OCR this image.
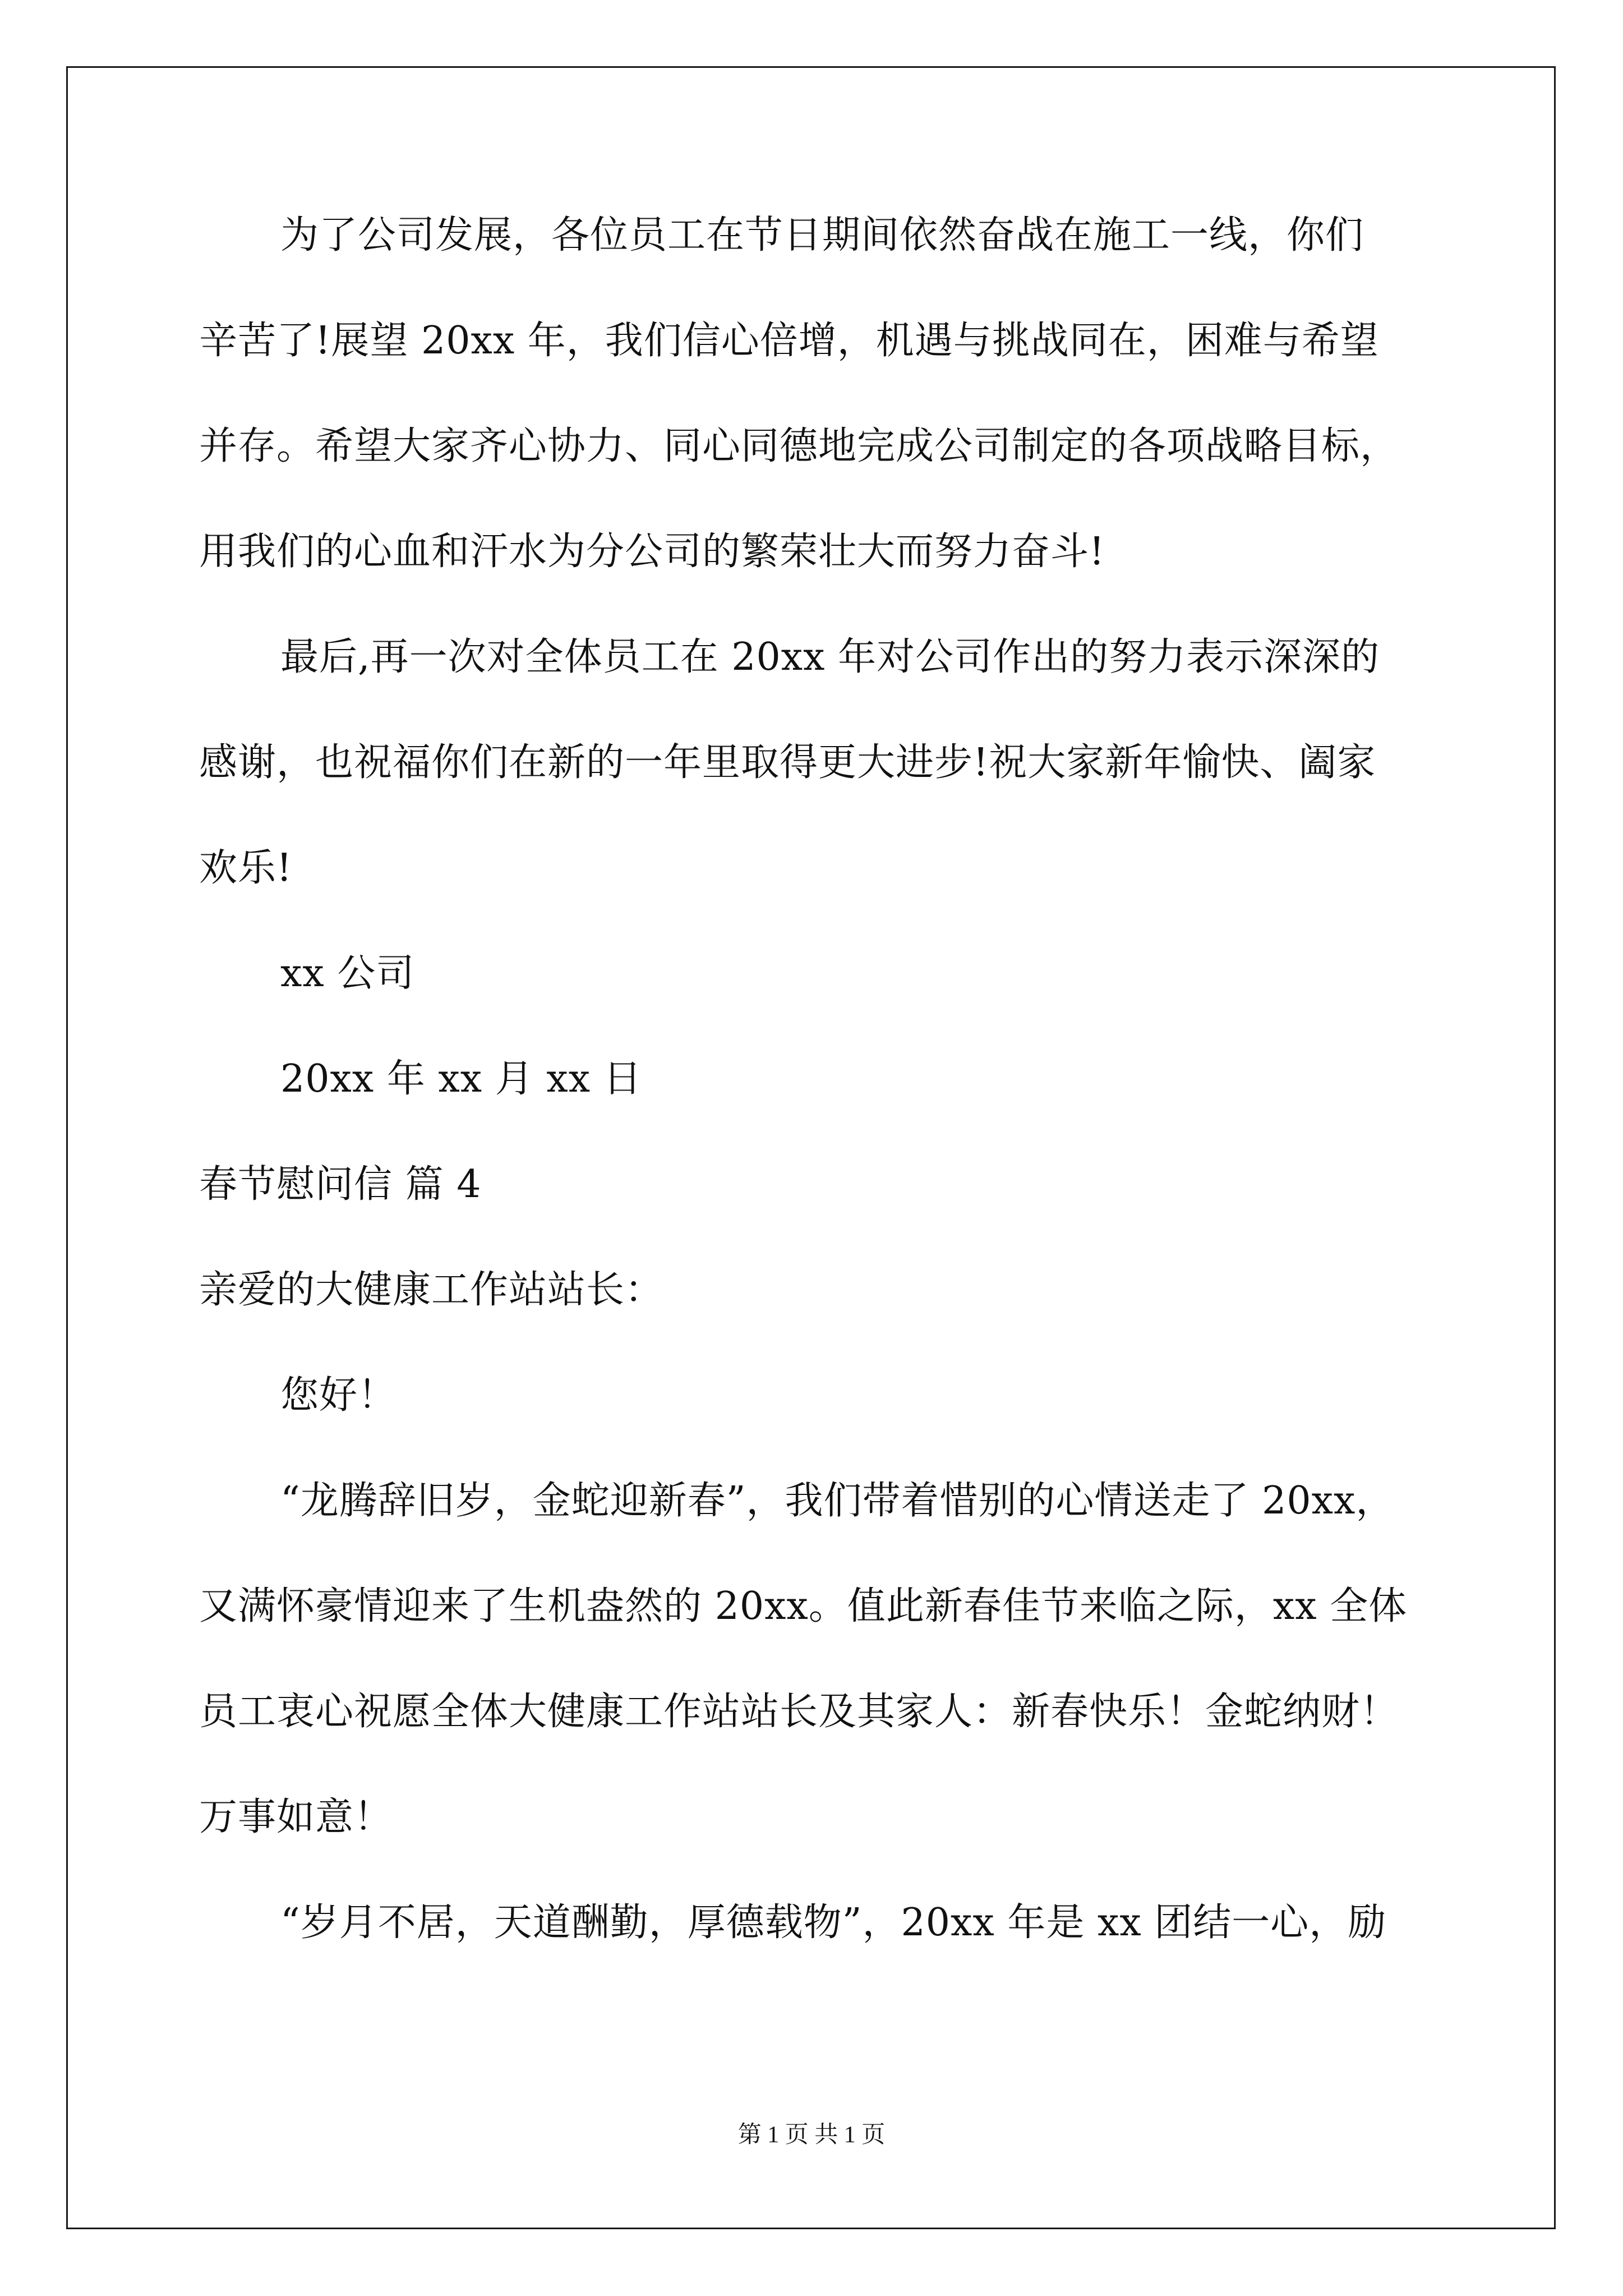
为了公司发展，各位员工在节日期间依然奋战在施工一线，你们
辛苦了!展望 20xx 年，我们信心倍增，机遇与挑战同在，困难与希望
并存。希望大家齐心协力、同心同德地完成公司制定的各项战略目标，
用我们的心血和汗水为分公司的繁荣壮大而努力奋斗!
最后,再一次对全体员工在 20xx 年对公司作出的努力表示深深的
感谢，也祝福你们在新的一年里取得更大进步!祝大家新年愉快、阖家
欢乐!
xx 公司
20xx 年 xx 月 xx 日
春节慰问信 篇 4
亲爱的大健康工作站站长：
您好！
“龙腾辞旧岁，金蛇迎新春”，我们带着惜别的心情送走了 20xx，
又满怀豪情迎来了生机盎然的 20xx。值此新春佳节来临之际，xx 全体
员工衷心祝愿全体大健康工作站站长及其家人：新春快乐！金蛇纳财！
万事如意！
“岁月不居，天道酬勤，厚德载物”，20xx 年是 xx 团结一心，励
第 1 页 共 1 页
